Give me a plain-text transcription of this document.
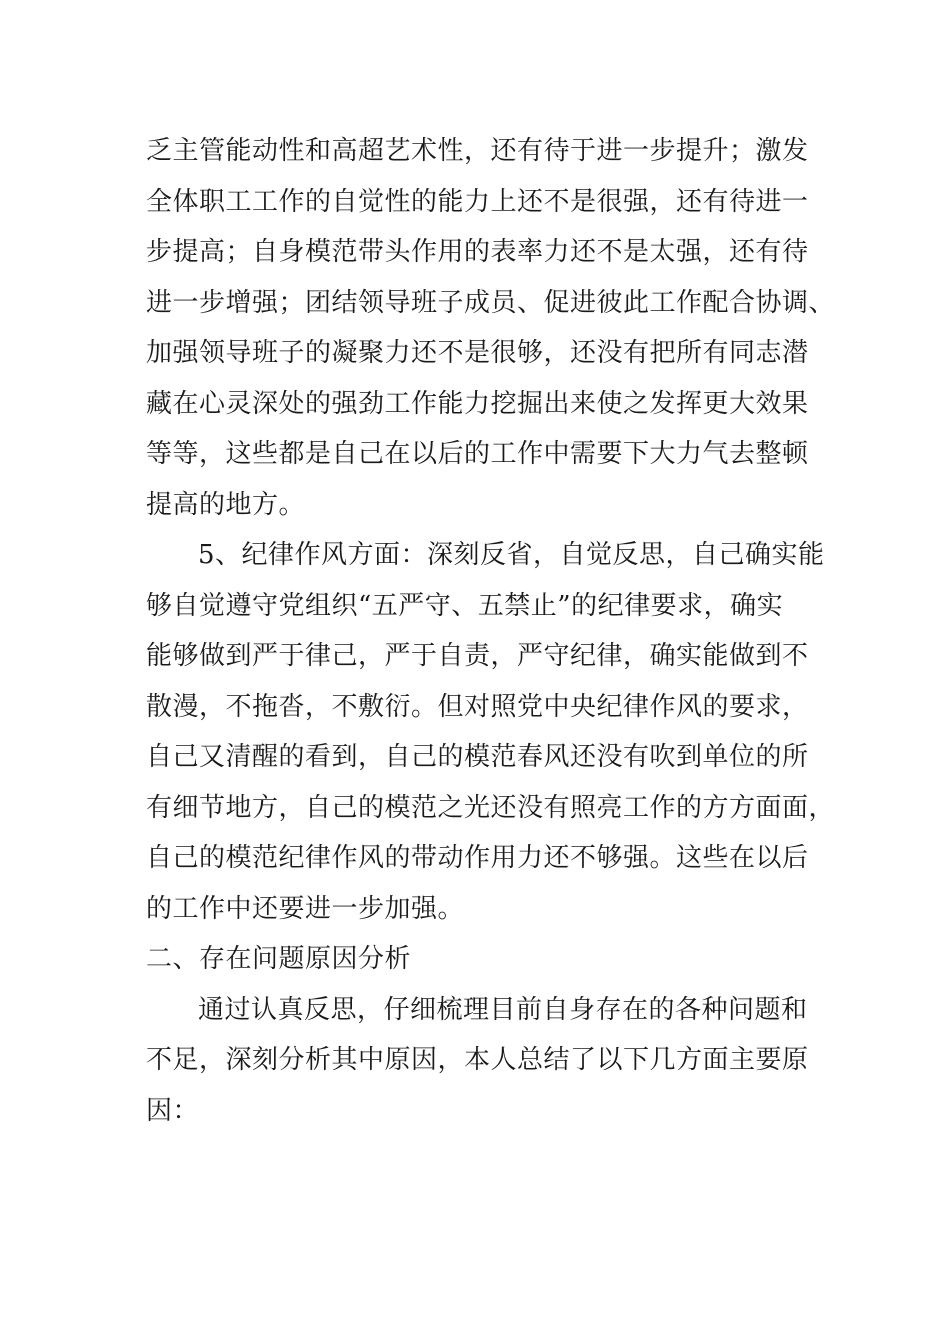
乏主管能动性和高超艺术性，还有待于进一步提升；激发
全体职工工作的自觉性的能力上还不是很强，还有待进一
步提高；自身模范带头作用的表率力还不是太强，还有待
进一步增强；团结领导班子成员、促进彼此工作配合协调、
加强领导班子的凝聚力还不是很够，还没有把所有同志潜
藏在心灵深处的强劲工作能力挖掘出来使之发挥更大效果
等等，这些都是自己在以后的工作中需要下大力气去整顿
提高的地方。
5、纪律作风方面：深刻反省，自觉反思，自己确实能
够自觉遵守党组织“五严守、五禁止”的纪律要求，确实
能够做到严于律己，严于自责，严守纪律，确实能做到不
散漫，不拖沓，不敷衍。但对照党中央纪律作风的要求，
自己又清醒的看到，自己的模范春风还没有吹到单位的所
有细节地方，自己的模范之光还没有照亮工作的方方面面，
自己的模范纪律作风的带动作用力还不够强。这些在以后
的工作中还要进一步加强。
二、存在问题原因分析
通过认真反思，仔细梳理目前自身存在的各种问题和
不足，深刻分析其中原因，本人总结了以下几方面主要原
因：
